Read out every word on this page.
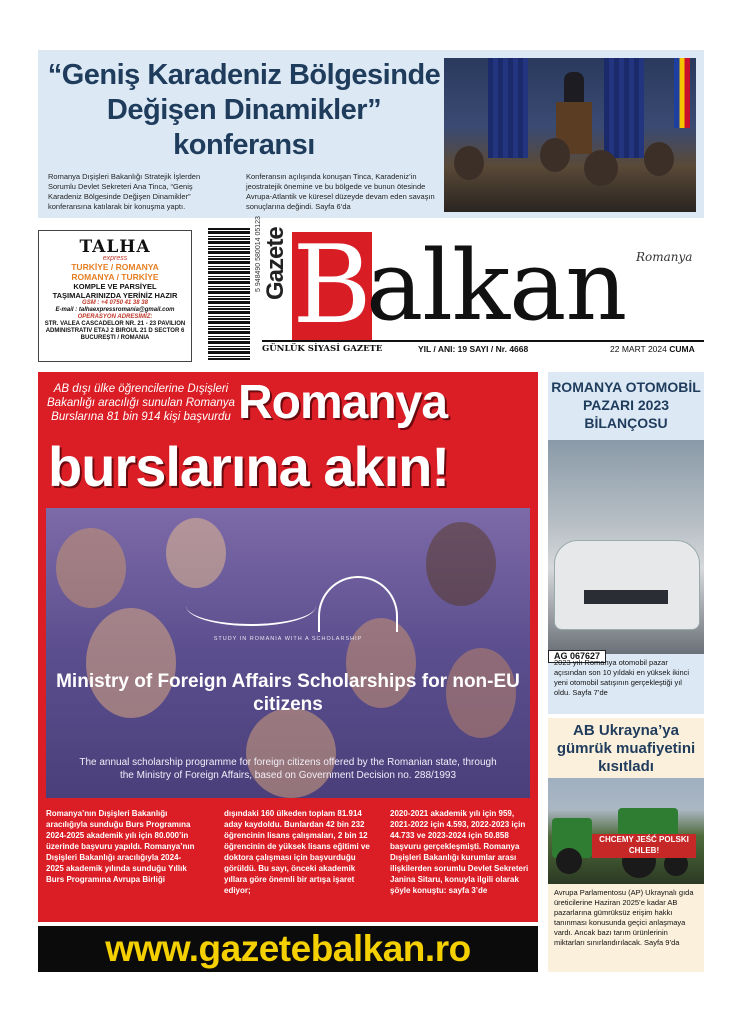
“Geniş Karadeniz Bölgesinde Değişen Dinamikler” konferansı
Romanya Dışişleri Bakanlığı Stratejik İşlerden Sorumlu Devlet Sekreteri Ana Tinca, “Geniş Karadeniz Bölgesinde Değişen Dinamikler” konferansına katılarak bir konuşma yaptı.
Konferansın açılışında konuşan Tinca, Karadeniz’in jeostratejik önemine ve bu bölgede ve bunun ötesinde Avrupa-Atlantik ve küresel düzeyde devam eden savaşın sonuçlarına değindi. Sayfa 6’da
TALHA
express
TURKİYE / ROMANYA
ROMANYA / TURKİYE
KOMPLE VE PARSİYEL
TAŞIMALARINIZDA YERİNİZ HAZIR
GSM : +4 0750 41 38 38
E-mail : talhaexpressromania@gmail.com
OPERASYON ADRESİMİZ:
STR. VALEA CASCADELOR NR. 21 - 23 PAVILION ADMINISTRATIV ETAJ 2 BIROUL 21 D SECTOR 6 BUCUREȘTI / ROMANIA
5 948490 580014 05123 Gazete B
alkan Romanya
GÜNLÜK SİYASİ GAZETE	YIL / ANI: 19 SAYI / Nr. 4668	22 MART 2024 CUMA
AB dışı ülke öğrencilerine Dışişleri Bakanlığı aracılığı sunulan Romanya Burslarına 81 bin 914 kişi başvurdu Romanya
burslarına akın!
STUDY IN ROMANIA WITH A SCHOLARSHIP
Ministry of Foreign Affairs Scholarships for non-EU citizens
The annual scholarship programme for foreign citizens offered by the Romanian state, through the Ministry of Foreign Affairs, based on Government Decision no. 288/1993
Romanya’nın Dışişleri Bakanlığı aracılığıyla sunduğu Burs Programına 2024-2025 akademik yılı için 80.000’in üzerinde başvuru yapıldı. Romanya’nın Dışişleri Bakanlığı aracılığıyla 2024-2025 akademik yılında sunduğu Yıllık Burs Programına Avrupa Birliği
dışındaki 160 ülkeden toplam 81.914 aday kaydoldu. Bunlardan 42 bin 232 öğrencinin lisans çalışmaları, 2 bin 12 öğrencinin de yüksek lisans eğitimi ve doktora çalışması için başvurduğu görüldü. Bu sayı, önceki akademik yıllara göre önemli bir artışa işaret ediyor;
2020-2021 akademik yılı için 959, 2021-2022 için 4.593, 2022-2023 için 44.733 ve 2023-2024 için 50.858 başvuru gerçekleşmişti. Romanya Dışişleri Bakanlığı kurumlar arası ilişkilerden sorumlu Devlet Sekreteri Janina Sitaru, konuyla ilgili olarak şöyle konuştu: sayfa 3’de
ROMANYA OTOMOBİL PAZARI 2023 BİLANÇOSU
AG 067627
2023 yılı Romanya otomobil pazar açısından son 10 yıldaki en yüksek ikinci yeni otomobil satışının gerçekleştiği yıl oldu. Sayfa 7’de
AB Ukrayna’ya gümrük muafiyetini kısıtladı
CHCEMY JEŚĆ POLSKI CHLEB!
Avrupa Parlamentosu (AP) Ukraynalı gıda üreticilerine Haziran 2025’e kadar AB pazarlarına gümrüksüz erişim hakkı tanınması konusunda geçici anlaşmaya vardı. Ancak bazı tarım ürünlerinin miktarları sınırlandırılacak. Sayfa 9’da
www.gazetebalkan.ro
